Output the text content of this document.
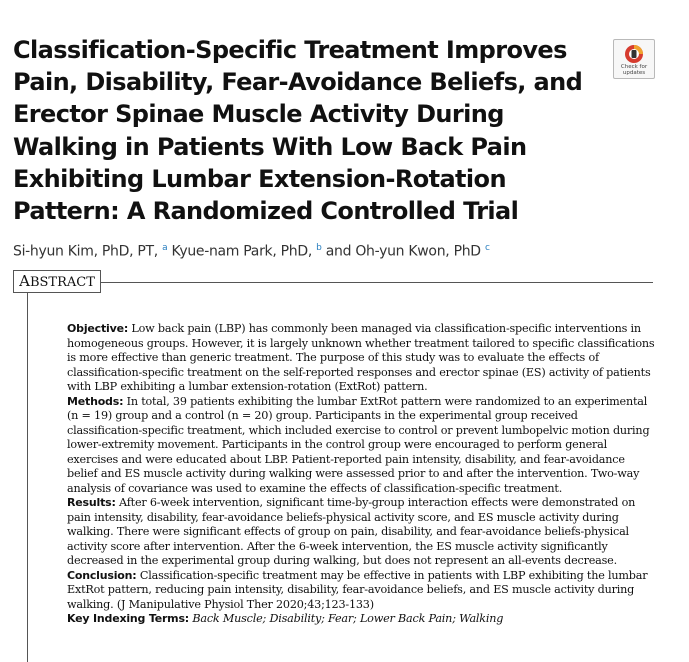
Classification-Specific Treatment Improves Pain, Disability, Fear-Avoidance Beliefs, and Erector Spinae Muscle Activity During Walking in Patients With Low Back Pain Exhibiting Lumbar Extension-Rotation Pattern: A Randomized Controlled Trial
Check for updates

Si-hyun Kim, PhD, PT, $^a$ Kyue-nam Park, PhD, $^b$ and Oh-yun Kwon, PhD $^c$

ABSTRACT

Objective: Low back pain (LBP) has commonly been managed via classification-specific interventions in homogeneous groups. However, it is largely unknown whether treatment tailored to specific classifications is more effective than generic treatment. The purpose of this study was to evaluate the effects of classification-specific treatment on the self-reported responses and erector spinae (ES) activity of patients with LBP exhibiting a lumbar extension-rotation (ExtRot) pattern.

Methods: In total, 39 patients exhibiting the lumbar ExtRot pattern were randomized to an experimental (n = 19) group and a control (n = 20) group. Participants in the experimental group received classification-specific treatment, which included exercise to control or prevent lumbopelvic motion during lower-extremity movement. Participants in the control group were encouraged to perform general exercises and were educated about LBP. Patient-reported pain intensity, disability, and fear-avoidance belief and ES muscle activity during walking were assessed prior to and after the intervention. Two-way analysis of covariance was used to examine the effects of classification-specific treatment.

Results: After 6-week intervention, significant time-by-group interaction effects were demonstrated on pain intensity, disability, fear-avoidance beliefs-physical activity score, and ES muscle activity during walking. There were significant effects of group on pain, disability, and fear-avoidance beliefs-physical activity score after intervention. After the 6-week intervention, the ES muscle activity significantly decreased in the experimental group during walking, but does not represent an all-events decrease.

Conclusion: Classification-specific treatment may be effective in patients with LBP exhibiting the lumbar ExtRot pattern, reducing pain intensity, disability, fear-avoidance beliefs, and ES muscle activity during walking. (J Manipulative Physiol Ther 2020;43;123-133)

Key Indexing Terms: Back Muscle; Disability; Fear; Lower Back Pain; Walking
